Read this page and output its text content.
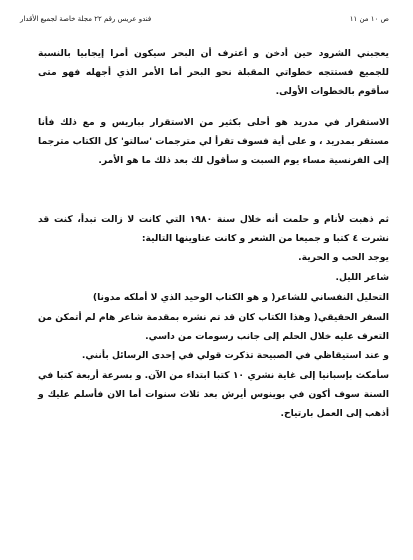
ص ١٠ من ١١
فندو عريس رقم ٢٢ مجلة خاصة لجميع الأقدار

يعجبني الشرود حين أدخن و أعترف أن البحر سيكون أمرا إيجابيا بالنسبة للجميع فستتجه خطواتي المقبلة نحو البحر أما الأمر الذي أجهله فهو متى سأقوم بالخطوات الأولى.

الاستقرار في مدريد هو أحلى بكثير من الاستقرار بباريس و مع ذلك فأنا مستقر بمدريد ، و على أية فسوف تقرأ لي مترجمات 'سالتو' كل الكتاب مترجما إلى الفرنسية مساء يوم السبت و سأقول لك بعد ذلك ما هو الأمر.

ثم ذهبت لأنام و حلمت أنه خلال سنة ١٩٨٠ التي كانت لا زالت تبدأ، كنت قد نشرت ٤ كتبا و جميعا من الشعر و كانت عناوينها التالية:

يوجد الحب و الحرية.
شاعر الليل.
التحليل النفساني للشاعر( و هو الكتاب الوحيد الذي لا أملكه مدونا)

السفر الحقيقي( وهذا الكتاب كان قد تم نشره بمقدمة شاعر هام لم أتمكن من التعرف عليه خلال الحلم إلى جانب رسومات من داسي.

و عند استيقاظي في الصبيحة تذكرت قولي في إحدى الرسائل بأنني.

سأمكث بإسبانيا إلى غاية نشري ١٠ كتبا ابتداء من الآن. و بسرعة أربعة كتبا في السنة سوف أكون في بوينوس أيرش بعد ثلاث سنوات أما الان فأسلم عليك و أذهب إلى العمل بارتياح.
